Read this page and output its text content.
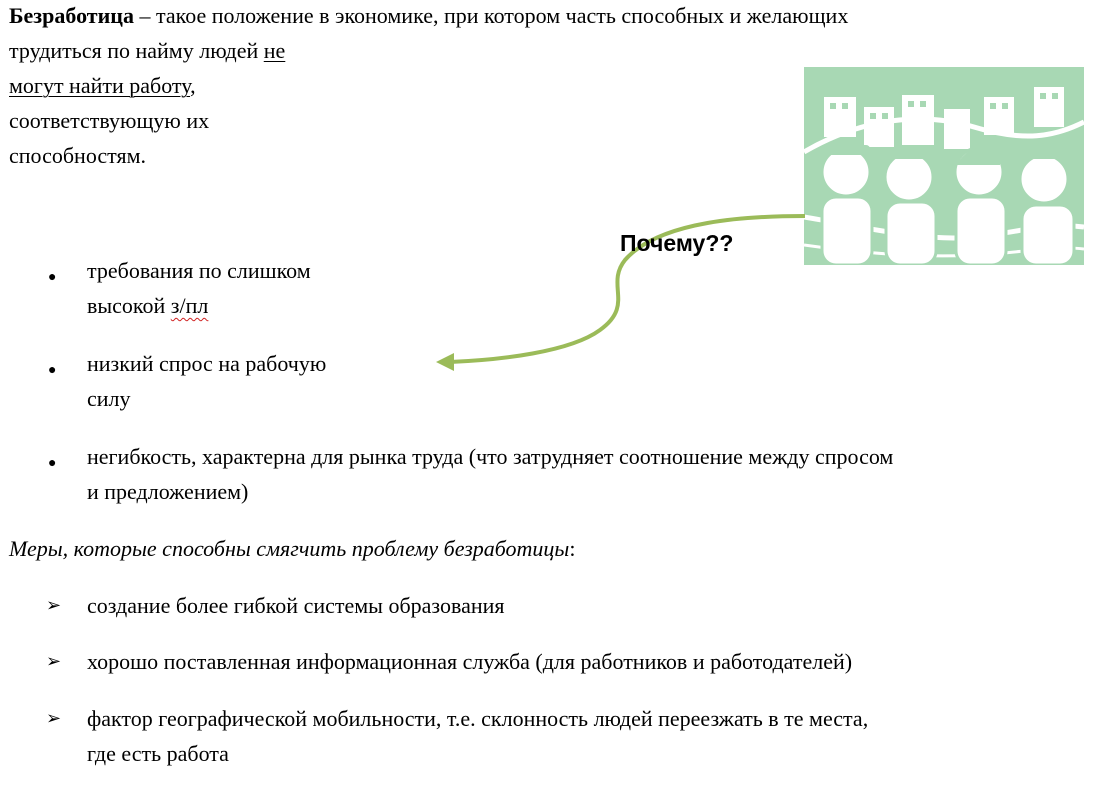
Безработица – такое положение в экономике, при котором часть способных и желающих
трудиться по найму людей не
могут найти работу,
соответствующую их
способностям.
Почему??
● требования по слишком
высокой з/пл
● низкий спрос на рабочую
силу
● негибкость, характерна для рынка труда (что затрудняет соотношение между спросом
и предложением)
Меры, которые способны смягчить проблему безработицы:
➢ создание более гибкой системы образования
➢ хорошо поставленная информационная служба (для работников и работодателей)
➢ фактор географической мобильности, т.е. склонность людей переезжать в те места,
где есть работа
